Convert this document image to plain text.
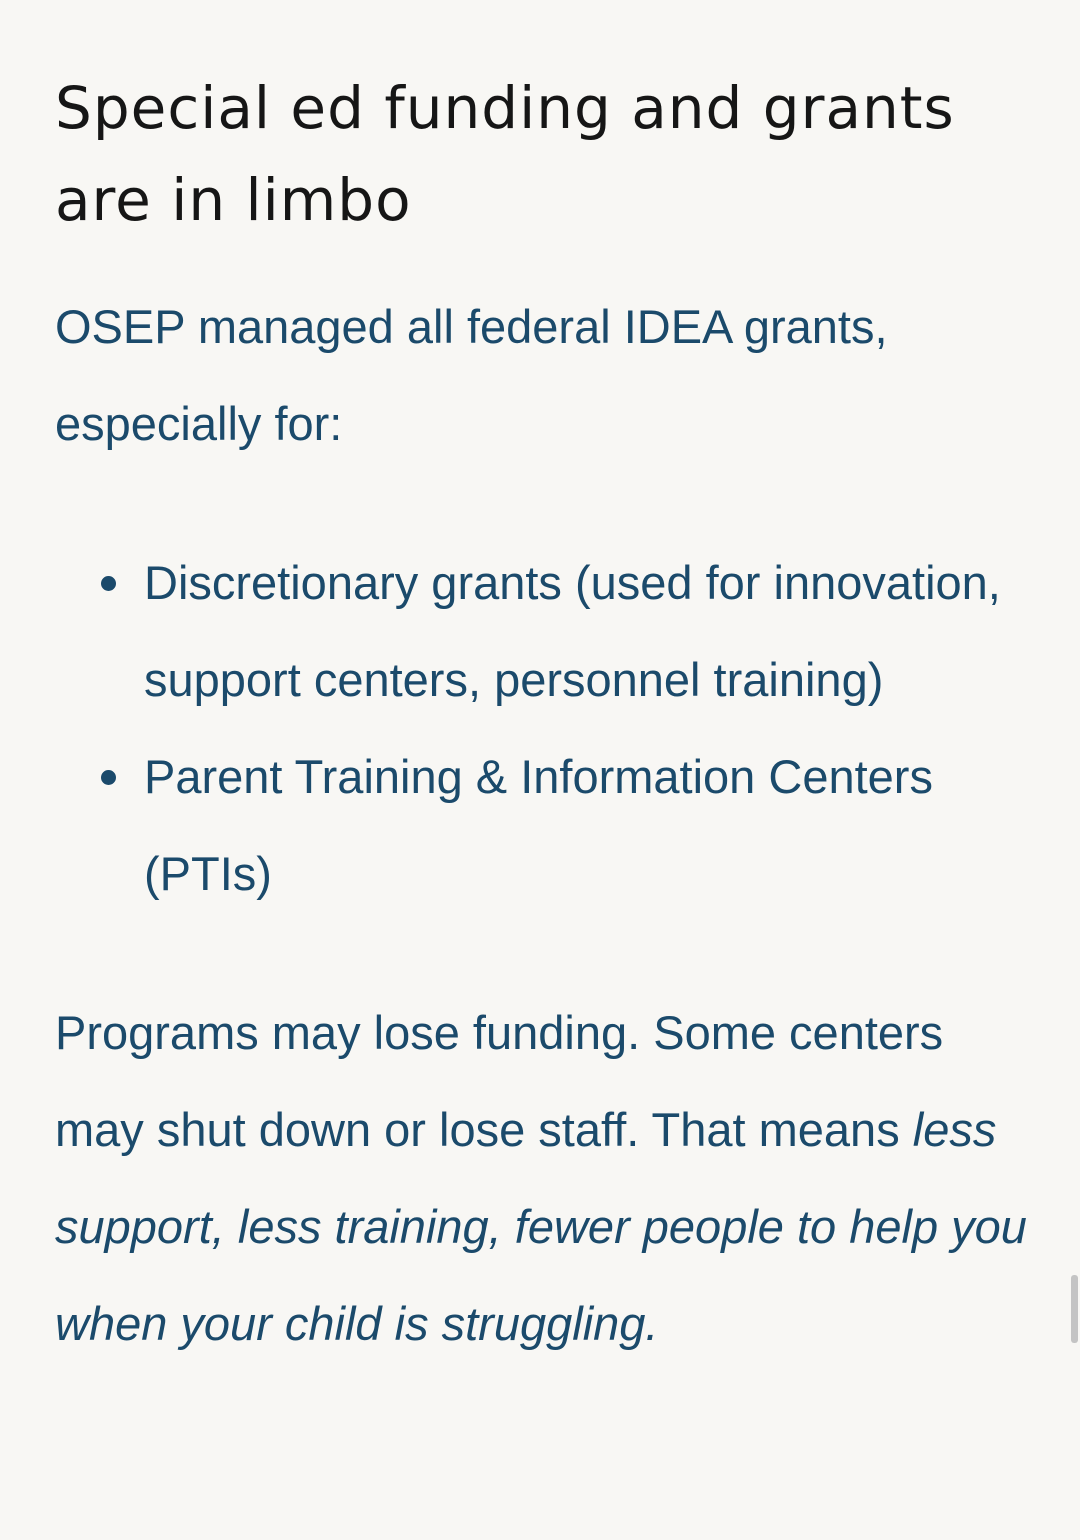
Special ed funding and grants are in limbo

OSEP managed all federal IDEA grants, especially for:

Discretionary grants (used for innovation, support centers, personnel training)
Parent Training & Information Centers (PTIs)

Programs may lose funding. Some centers may shut down or lose staff. That means less support, less training, fewer people to help you when your child is struggling.
